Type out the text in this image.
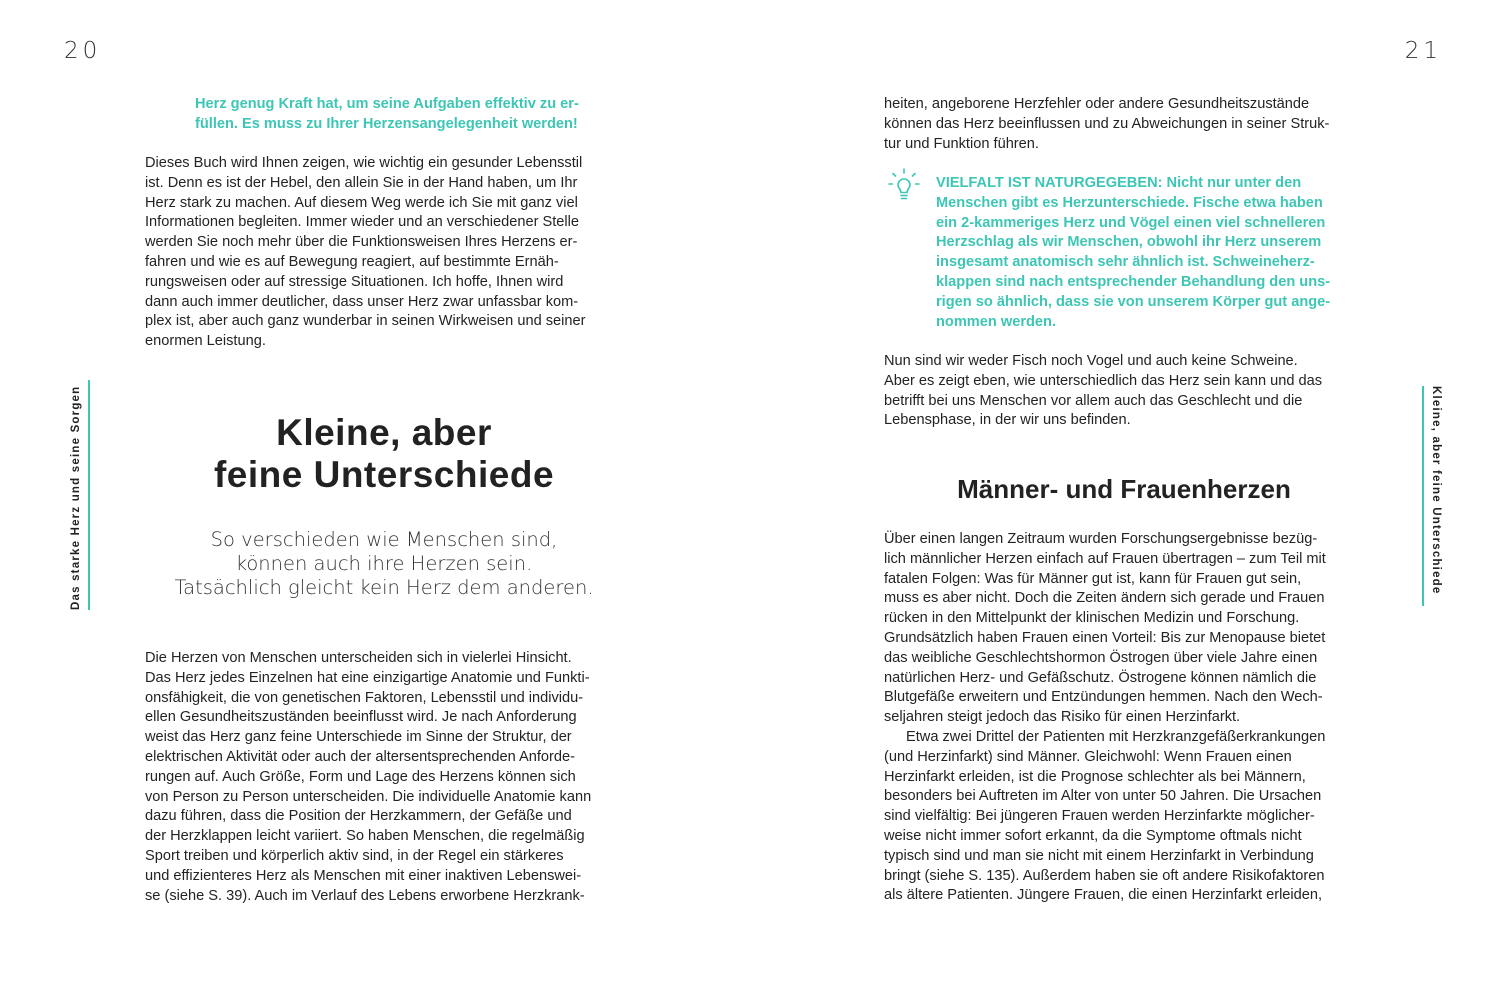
20	21
Das starke Herz und seine Sorgen	Kleine, aber feine Unterschiede
Herz genug Kraft hat, um seine Aufgaben effektiv zu er-
füllen. Es muss zu Ihrer Herzensangelegenheit werden!
Dieses Buch wird Ihnen zeigen, wie wichtig ein gesunder Lebensstil
ist. Denn es ist der Hebel, den allein Sie in der Hand haben, um Ihr
Herz stark zu machen. Auf diesem Weg werde ich Sie mit ganz viel
Informationen begleiten. Immer wieder und an verschiedener Stelle
werden Sie noch mehr über die Funktionsweisen Ihres Herzens er-
fahren und wie es auf Bewegung reagiert, auf bestimmte Ernäh-
rungsweisen oder auf stressige Situationen. Ich hoffe, Ihnen wird
dann auch immer deutlicher, dass unser Herz zwar unfassbar kom-
plex ist, aber auch ganz wunderbar in seinen Wirkweisen und seiner
enormen Leistung.
Kleine, aber
feine Unterschiede
So verschieden wie Menschen sind,
können auch ihre Herzen sein.
Tatsächlich gleicht kein Herz dem anderen.
Die Herzen von Menschen unterscheiden sich in vielerlei Hinsicht.
Das Herz jedes Einzelnen hat eine einzigartige Anatomie und Funkti-
onsfähigkeit, die von genetischen Faktoren, Lebensstil und individu-
ellen Gesundheitszuständen beeinflusst wird. Je nach Anforderung
weist das Herz ganz feine Unterschiede im Sinne der Struktur, der
elektrischen Aktivität oder auch der altersentsprechenden Anforde-
rungen auf. Auch Größe, Form und Lage des Herzens können sich
von Person zu Person unterscheiden. Die individuelle Anatomie kann
dazu führen, dass die Position der Herzkammern, der Gefäße und
der Herzklappen leicht variiert. So haben Menschen, die regelmäßig
Sport treiben und körperlich aktiv sind, in der Regel ein stärkeres
und effizienteres Herz als Menschen mit einer inaktiven Lebenswei-
se (siehe S. 39). Auch im Verlauf des Lebens erworbene Herzkrank-
heiten, angeborene Herzfehler oder andere Gesundheitszustände
können das Herz beeinflussen und zu Abweichungen in seiner Struk-
tur und Funktion führen.
VIELFALT IST NATURGEGEBEN: Nicht nur unter den
Menschen gibt es Herzunterschiede. Fische etwa haben
ein 2-kammeriges Herz und Vögel einen viel schnelleren
Herzschlag als wir Menschen, obwohl ihr Herz unserem
insgesamt anatomisch sehr ähnlich ist. Schweineherz-
klappen sind nach entsprechender Behandlung den uns-
rigen so ähnlich, dass sie von unserem Körper gut ange-
nommen werden.
Nun sind wir weder Fisch noch Vogel und auch keine Schweine.
Aber es zeigt eben, wie unterschiedlich das Herz sein kann und das
betrifft bei uns Menschen vor allem auch das Geschlecht und die
Lebensphase, in der wir uns befinden.
Männer- und Frauenherzen
Über einen langen Zeitraum wurden Forschungsergebnisse bezüg-
lich männlicher Herzen einfach auf Frauen übertragen – zum Teil mit
fatalen Folgen: Was für Männer gut ist, kann für Frauen gut sein,
muss es aber nicht. Doch die Zeiten ändern sich gerade und Frauen
rücken in den Mittelpunkt der klinischen Medizin und Forschung.
Grundsätzlich haben Frauen einen Vorteil: Bis zur Menopause bietet
das weibliche Geschlechtshormon Östrogen über viele Jahre einen
natürlichen Herz- und Gefäßschutz. Östrogene können nämlich die
Blutgefäße erweitern und Entzündungen hemmen. Nach den Wech-
seljahren steigt jedoch das Risiko für einen Herzinfarkt.
Etwa zwei Drittel der Patienten mit Herzkranzgefäßerkrankungen
(und Herzinfarkt) sind Männer. Gleichwohl: Wenn Frauen einen
Herzinfarkt erleiden, ist die Prognose schlechter als bei Männern,
besonders bei Auftreten im Alter von unter 50 Jahren. Die Ursachen
sind vielfältig: Bei jüngeren Frauen werden Herzinfarkte möglicher-
weise nicht immer sofort erkannt, da die Symptome oftmals nicht
typisch sind und man sie nicht mit einem Herzinfarkt in Verbindung
bringt (siehe S. 135). Außerdem haben sie oft andere Risikofaktoren
als ältere Patienten. Jüngere Frauen, die einen Herzinfarkt erleiden,
